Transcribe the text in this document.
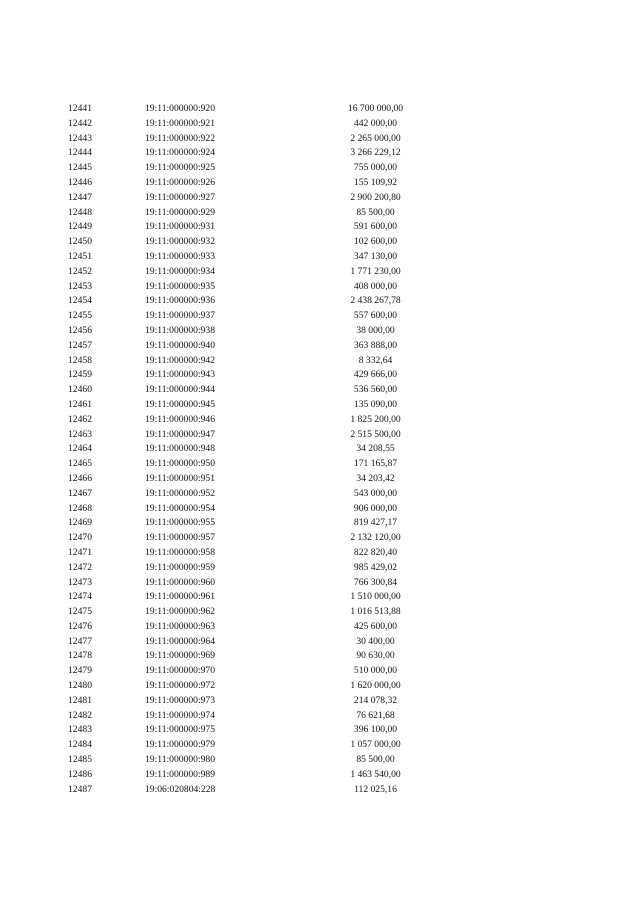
12441	19:11:000000:920	16 700 000,00
12442	19:11:000000:921	442 000,00
12443	19:11:000000:922	2 265 000,00
12444	19:11:000000:924	3 266 229,12
12445	19:11:000000:925	755 000,00
12446	19:11:000000:926	155 109,92
12447	19:11:000000:927	2 900 200,80
12448	19:11:000000:929	85 500,00
12449	19:11:000000:931	591 600,00
12450	19:11:000000:932	102 600,00
12451	19:11:000000:933	347 130,00
12452	19:11:000000:934	1 771 230,00
12453	19:11:000000:935	408 000,00
12454	19:11:000000:936	2 438 267,78
12455	19:11:000000:937	557 600,00
12456	19:11:000000:938	38 000,00
12457	19:11:000000:940	363 888,00
12458	19:11:000000:942	8 332,64
12459	19:11:000000:943	429 666,00
12460	19:11:000000:944	536 560,00
12461	19:11:000000:945	135 090,00
12462	19:11:000000:946	1 825 200,00
12463	19:11:000000:947	2 515 500,00
12464	19:11:000000:948	34 208,55
12465	19:11:000000:950	171 165,87
12466	19:11:000000:951	34 203,42
12467	19:11:000000:952	543 000,00
12468	19:11:000000:954	906 000,00
12469	19:11:000000:955	819 427,17
12470	19:11:000000:957	2 132 120,00
12471	19:11:000000:958	822 820,40
12472	19:11:000000:959	985 429,02
12473	19:11:000000:960	766 300,84
12474	19:11:000000:961	1 510 000,00
12475	19:11:000000:962	1 016 513,88
12476	19:11:000000:963	425 600,00
12477	19:11:000000:964	30 400,00
12478	19:11:000000:969	90 630,00
12479	19:11:000000:970	510 000,00
12480	19:11:000000:972	1 620 000,00
12481	19:11:000000:973	214 078,32
12482	19:11:000000:974	76 621,68
12483	19:11:000000:975	396 100,00
12484	19:11:000000:979	1 057 000,00
12485	19:11:000000:980	85 500,00
12486	19:11:000000:989	1 463 540,00
12487	19:06:020804:228	112 025,16
